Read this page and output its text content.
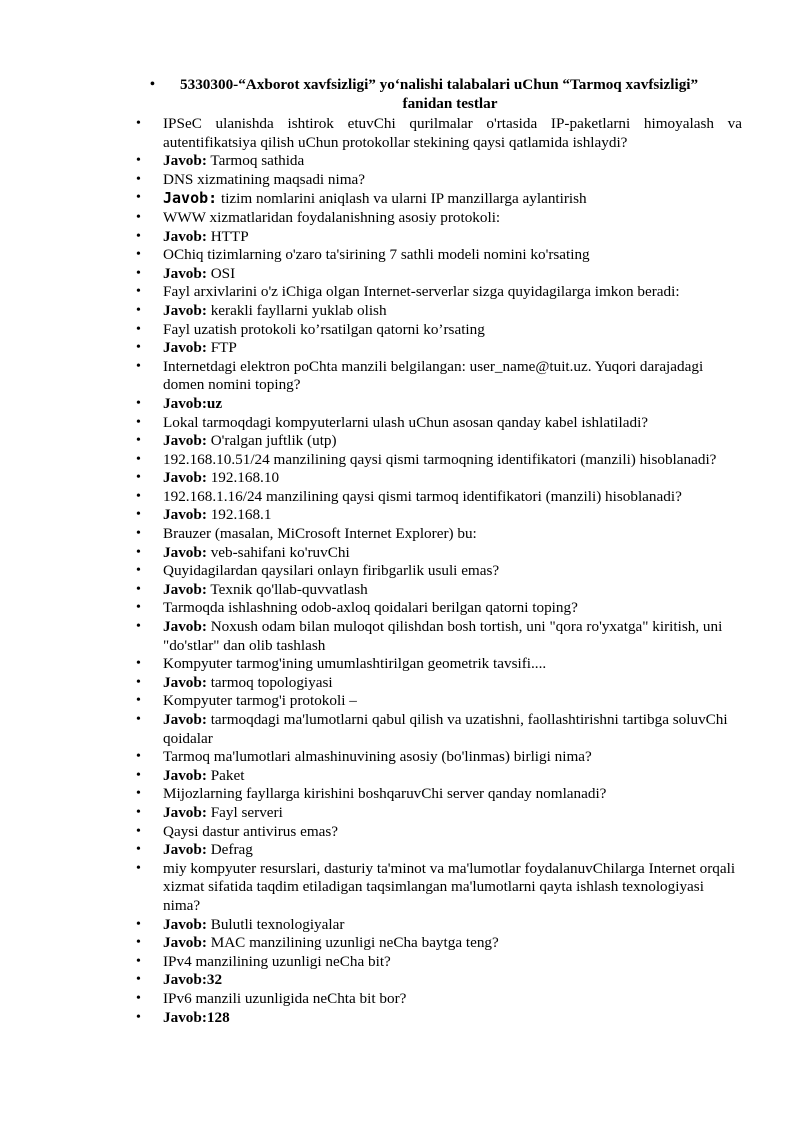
• 5330300-“Axborot xavfsizligi” yo‘nalishi talabalari uChun “Tarmoq xavfsizligi”
fanidan testlar
• IPSeC ulanishda ishtirok etuvChi qurilmalar o'rtasida IP-paketlarni himoyalash va autentifikatsiya qilish uChun protokollar stekining qaysi qatlamida ishlaydi?
• Javob: Tarmoq sathida
• DNS xizmatining maqsadi nima?
• Javob: tizim nomlarini aniqlash va ularni IP manzillarga aylantirish
• WWW xizmatlaridan foydalanishning asosiy protokoli:
• Javob: HTTP
• OChiq tizimlarning o'zaro ta'sirining 7 sathli modeli nomini ko'rsating
• Javob: OSI
• Fayl arxivlarini o'z iChiga olgan Internet-serverlar sizga quyidagilarga imkon beradi:
• Javob: kerakli fayllarni yuklab olish
• Fayl uzatish protokoli ko’rsatilgan qatorni ko’rsating
• Javob: FTP
• Internetdagi elektron poChta manzili belgilangan: user_name@tuit.uz. Yuqori darajadagi domen nomini toping?
• Javob:uz
• Lokal tarmoqdagi kompyuterlarni ulash uChun asosan qanday kabel ishlatiladi?
• Javob: O'ralgan juftlik (utp)
• 192.168.10.51/24 manzilining qaysi qismi tarmoqning identifikatori (manzili) hisoblanadi?
• Javob: 192.168.10
• 192.168.1.16/24 manzilining qaysi qismi tarmoq identifikatori (manzili) hisoblanadi?
• Javob: 192.168.1
• Brauzer (masalan, MiCrosoft Internet Explorer) bu:
• Javob: veb-sahifani ko'ruvChi
• Quyidagilardan qaysilari onlayn firibgarlik usuli emas?
• Javob: Texnik qo'llab-quvvatlash
• Tarmoqda ishlashning odob-axloq qoidalari berilgan qatorni toping?
• Javob: Noxush odam bilan muloqot qilishdan bosh tortish, uni "qora ro'yxatga" kiritish, uni "do'stlar" dan olib tashlash
• Kompyuter tarmog'ining umumlashtirilgan geometrik tavsifi....
• Javob: tarmoq topologiyasi
• Kompyuter tarmog'i protokoli –
• Javob: tarmoqdagi ma'lumotlarni qabul qilish va uzatishni, faollashtirishni tartibga soluvChi qoidalar
• Tarmoq ma'lumotlari almashinuvining asosiy (bo'linmas) birligi nima?
• Javob: Paket
• Mijozlarning fayllarga kirishini boshqaruvChi server qanday nomlanadi?
• Javob: Fayl serveri
• Qaysi dastur antivirus emas?
• Javob: Defrag
• miy kompyuter resurslari, dasturiy ta'minot va ma'lumotlar foydalanuvChilarga Internet orqali xizmat sifatida taqdim etiladigan taqsimlangan ma'lumotlarni qayta ishlash texnologiyasi nima?
• Javob: Bulutli texnologiyalar
• Javob: MAC manzilining uzunligi neCha baytga teng?
• IPv4 manzilining uzunligi neCha bit?
• Javob:32
• IPv6 manzili uzunligida neChta bit bor?
• Javob:128
